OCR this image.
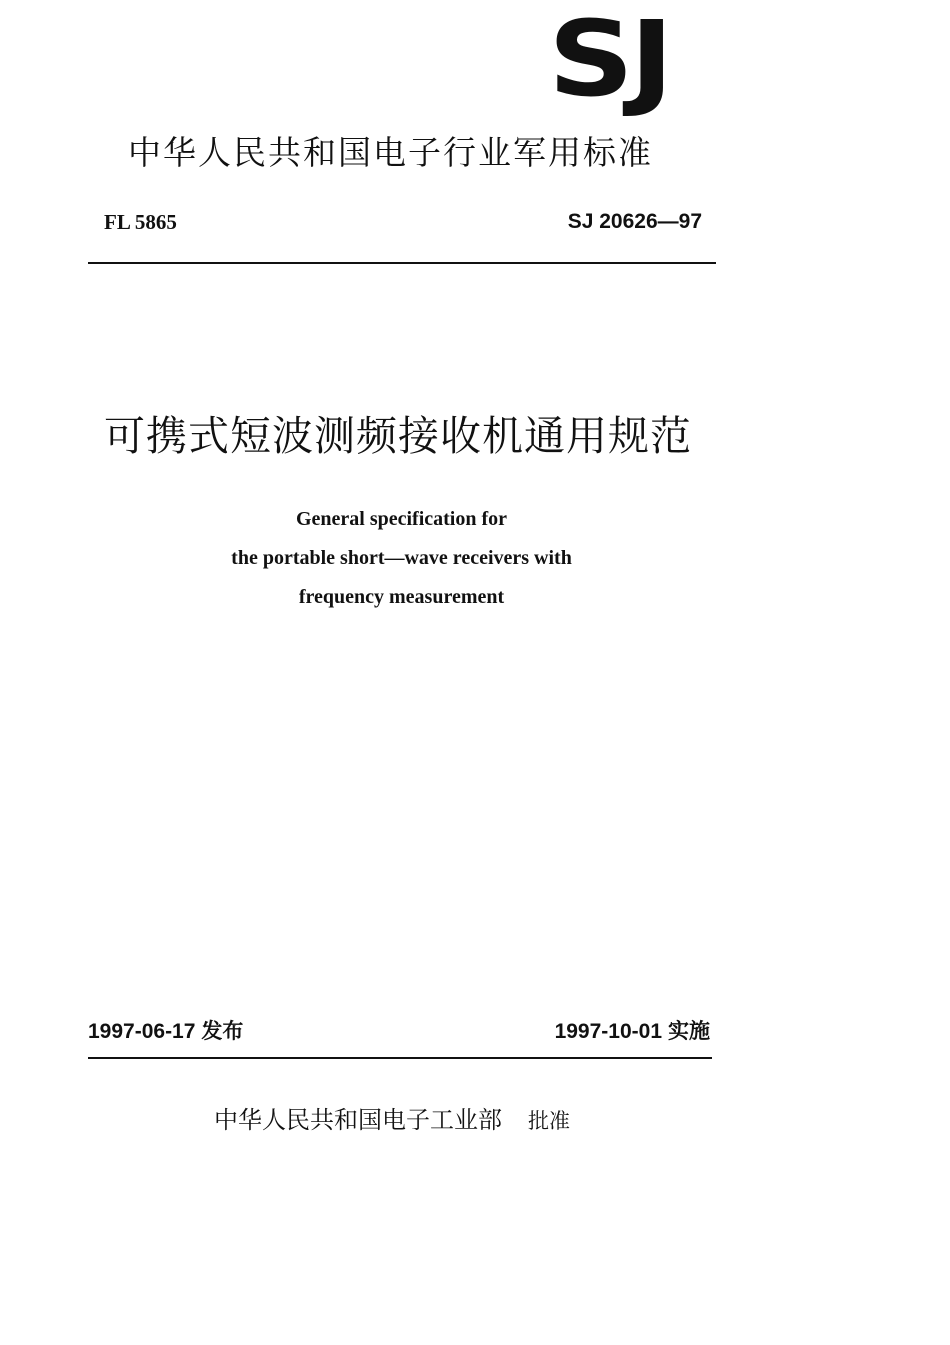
SJ
中华人民共和国电子行业军用标准
FL 5865	SJ 20626—97
可携式短波测频接收机通用规范
General specification for
the portable short—wave receivers with
frequency measurement
1997-06-17 发布	1997-10-01 实施
中华人民共和国电子工业部 批准
